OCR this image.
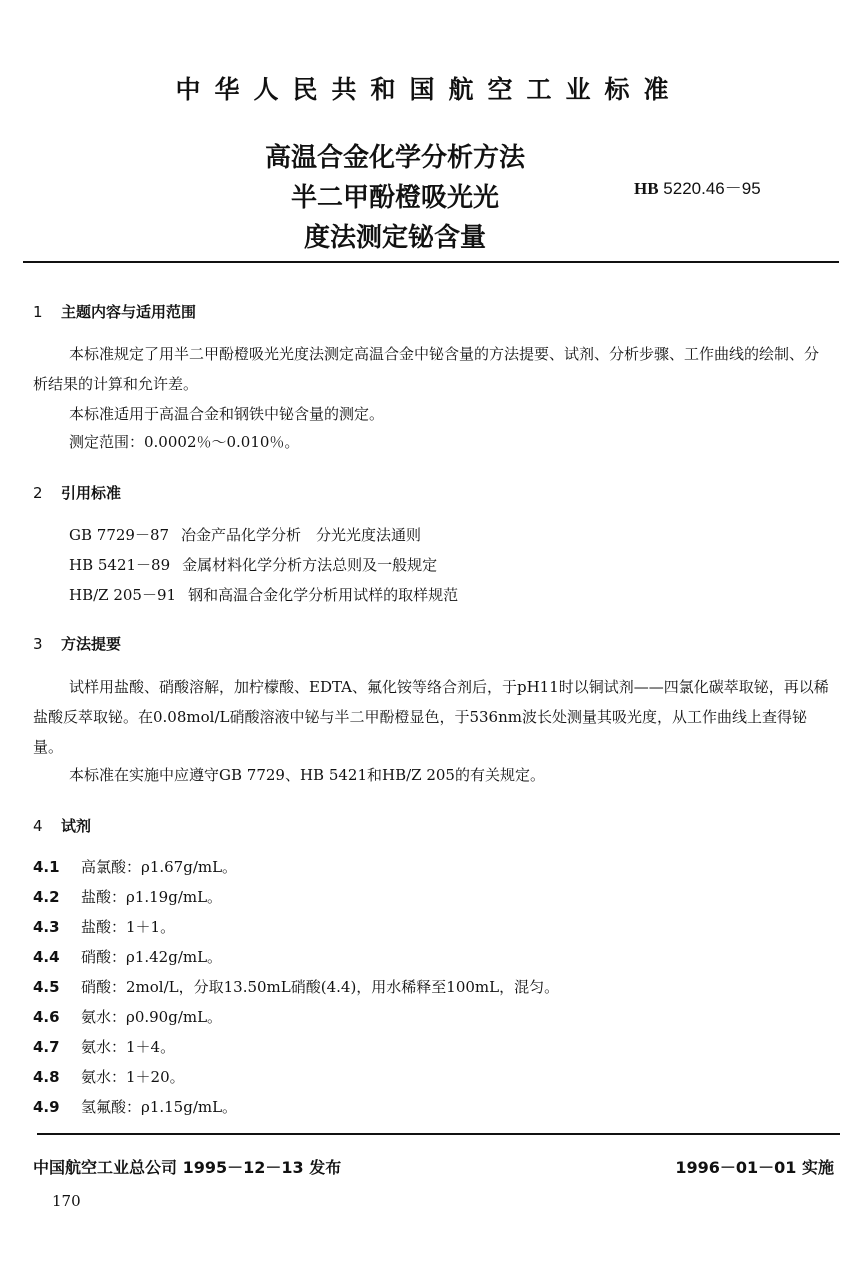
中华人民共和国航空工业标准
高温合金化学分析方法
半二甲酚橙吸光光
度法测定铋含量
HB 5220.46－95
1 主题内容与适用范围
本标准规定了用半二甲酚橙吸光光度法测定高温合金中铋含量的方法提要、试剂、分析步骤、工作曲线的绘制、分析结果的计算和允许差。
本标准适用于高温合金和钢铁中铋含量的测定。
测定范围：0.0002％～0.010％。
2 引用标准
GB 7729－87 冶金产品化学分析　分光光度法通则
HB 5421－89 金属材料化学分析方法总则及一般规定
HB/Z 205－91 钢和高温合金化学分析用试样的取样规范
3 方法提要
试样用盐酸、硝酸溶解，加柠檬酸、EDTA、氟化铵等络合剂后，于pH11时以铜试剂——四氯化碳萃取铋，再以稀盐酸反萃取铋。在0.08mol/L硝酸溶液中铋与半二甲酚橙显色，于536nm波长处测量其吸光度，从工作曲线上查得铋量。
本标准在实施中应遵守GB 7729、HB 5421和HB/Z 205的有关规定。
4 试剂
4.1 高氯酸：ρ1.67g/mL。
4.2 盐酸：ρ1.19g/mL。
4.3 盐酸：1＋1。
4.4 硝酸：ρ1.42g/mL。
4.5 硝酸：2mol/L，分取13.50mL硝酸(4.4)，用水稀释至100mL，混匀。
4.6 氨水：ρ0.90g/mL。
4.7 氨水：1＋4。
4.8 氨水：1＋20。
4.9 氢氟酸：ρ1.15g/mL。
中国航空工业总公司 1995－12－13 发布	1996－01－01 实施
170
